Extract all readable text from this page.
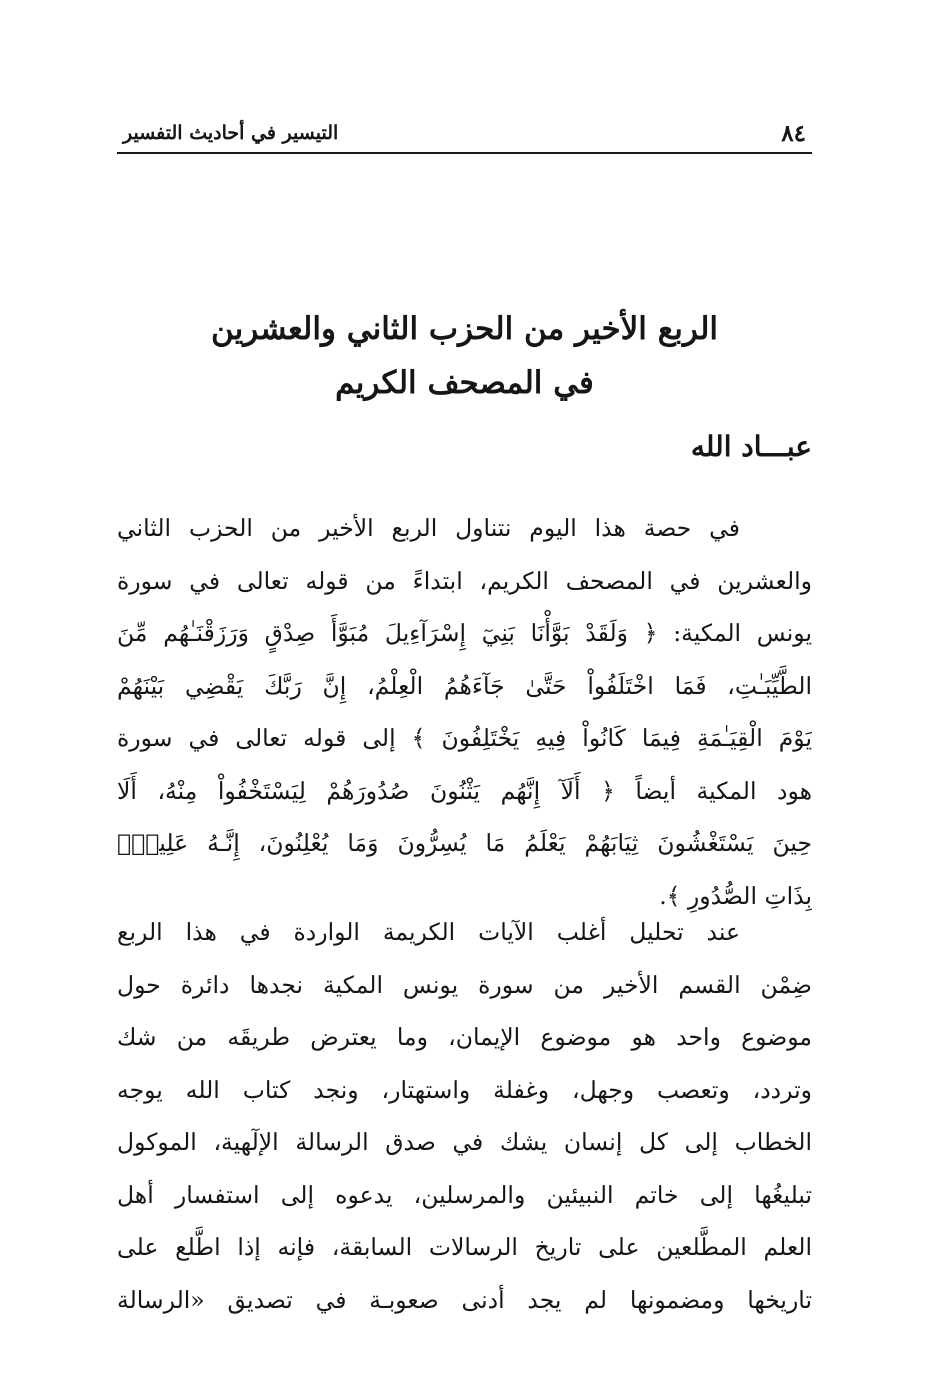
٨٤
التيسير في أحاديث التفسير
الربع الأخير من الحزب الثاني والعشرين
في المصحف الكريم
عبـــاد الله
في حصة هذا اليوم نتناول الربع الأخير من الحزب الثاني
والعشرين في المصحف الكريم، ابتداءً من قوله تعالى في سورة
يونس المكية: ﴿ وَلَقَدْ بَوَّأْنَا بَنِيٓ إِسْرَآءِيلَ مُبَوَّأَ صِدْقٍ وَرَزَقْنَـٰهُم مِّنَ
الطَّيِّبَـٰتِ، فَمَا اخْتَلَفُواْ حَتَّىٰ جَآءَهُمُ الْعِلْمُ، إِنَّ رَبَّكَ يَقْضِي بَيْنَهُمْ
يَوْمَ الْقِيَـٰمَةِ فِيمَا كَانُواْ فِيهِ يَخْتَلِفُونَ ﴾ إلى قوله تعالى في سورة
هود المكية أيضاً ﴿ أَلَآ إِنَّهُم يَثْنُونَ صُدُورَهُمْ لِيَسْتَخْفُواْ مِنْهُ، أَلَا
حِينَ يَسْتَغْشُونَ ثِيَابَهُمْ يَعْلَمُ مَا يُسِرُّونَ وَمَا يُعْلِنُونَ، إِنَّـهُ عَلِيمُۢ
بِذَاتِ الصُّدُورِ ﴾.
عند تحليل أغلب الآيات الكريمة الواردة في هذا الربع
ضِمْن القسم الأخير من سورة يونس المكية نجدها دائرة حول
موضوع واحد هو موضوع الإيمان، وما يعترض طريقَه من شك
وتردد، وتعصب وجهل، وغفلة واستهتار، ونجد كتاب الله يوجه
الخطاب إلى كل إنسان يشك في صدق الرسالة الإلٓهية، الموكول
تبليغُها إلى خاتم النبيئين والمرسلين، يدعوه إلى استفسار أهل
العلم المطَّلعين على تاريخ الرسالات السابقة، فإنه إذا اطَّلع على
تاريخها ومضمونها لم يجد أدنى صعوبـة في تصديق «الرسالة
